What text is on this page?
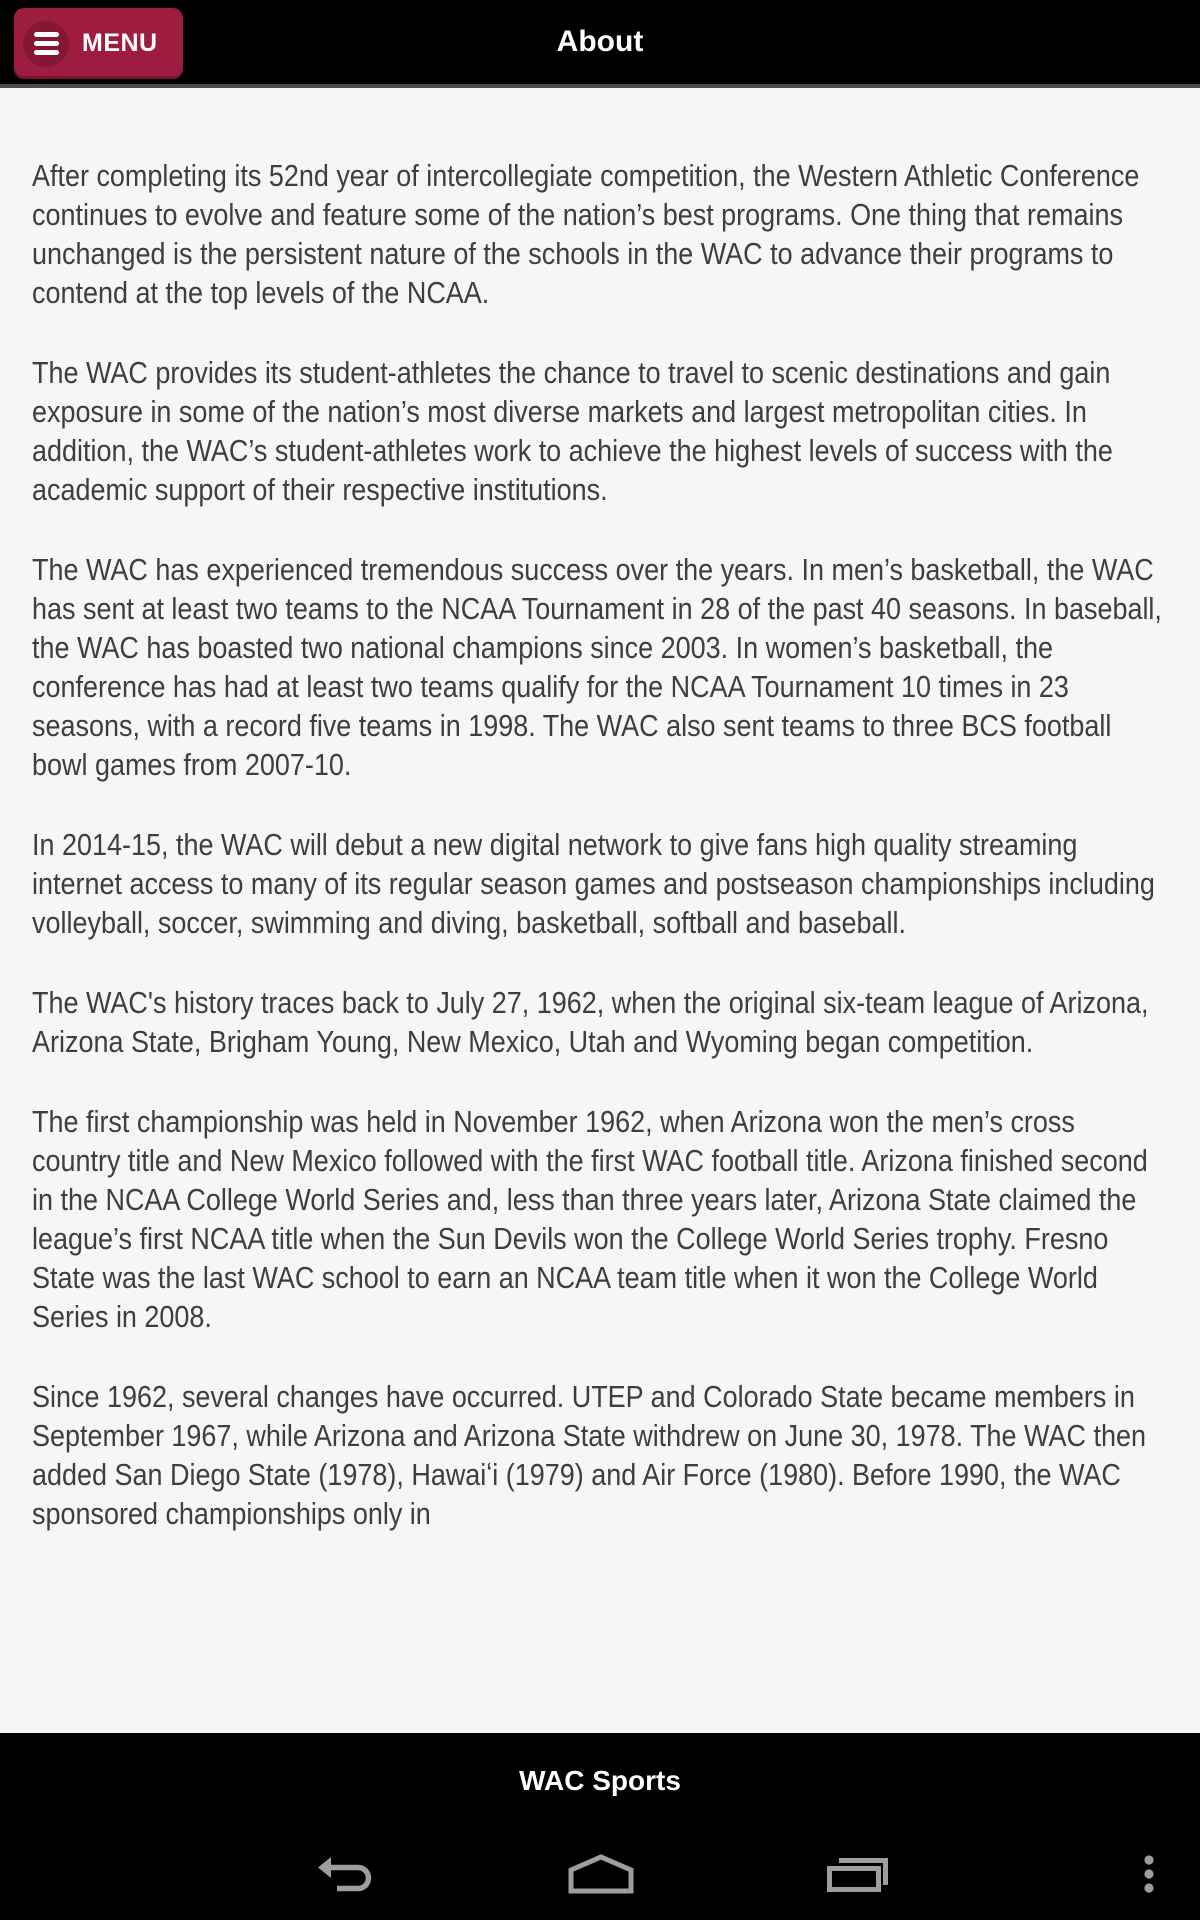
MENU	About

After completing its 52nd year of intercollegiate competition, the Western Athletic Conference continues to evolve and feature some of the nation’s best programs. One thing that remains unchanged is the persistent nature of the schools in the WAC to advance their programs to contend at the top levels of the NCAA.

The WAC provides its student-athletes the chance to travel to scenic destinations and gain exposure in some of the nation’s most diverse markets and largest metropolitan cities. In addition, the WAC’s student-athletes work to achieve the highest levels of success with the academic support of their respective institutions.

The WAC has experienced tremendous success over the years. In men’s basketball, the WAC has sent at least two teams to the NCAA Tournament in 28 of the past 40 seasons. In baseball, the WAC has boasted two national champions since 2003. In women’s basketball, the conference has had at least two teams qualify for the NCAA Tournament 10 times in 23 seasons, with a record five teams in 1998. The WAC also sent teams to three BCS football bowl games from 2007-10.

In 2014-15, the WAC will debut a new digital network to give fans high quality streaming internet access to many of its regular season games and postseason championships including volleyball, soccer, swimming and diving, basketball, softball and baseball.

The WAC's history traces back to July 27, 1962, when the original six-team league of Arizona, Arizona State, Brigham Young, New Mexico, Utah and Wyoming began competition.

The first championship was held in November 1962, when Arizona won the men’s cross country title and New Mexico followed with the first WAC football title. Arizona finished second in the NCAA College World Series and, less than three years later, Arizona State claimed the league’s first NCAA title when the Sun Devils won the College World Series trophy. Fresno State was the last WAC school to earn an NCAA team title when it won the College World Series in 2008.

Since 1962, several changes have occurred. UTEP and Colorado State became members in September 1967, while Arizona and Arizona State withdrew on June 30, 1978. The WAC then added San Diego State (1978), Hawaiʻi (1979) and Air Force (1980). Before 1990, the WAC sponsored championships only in

WAC Sports
